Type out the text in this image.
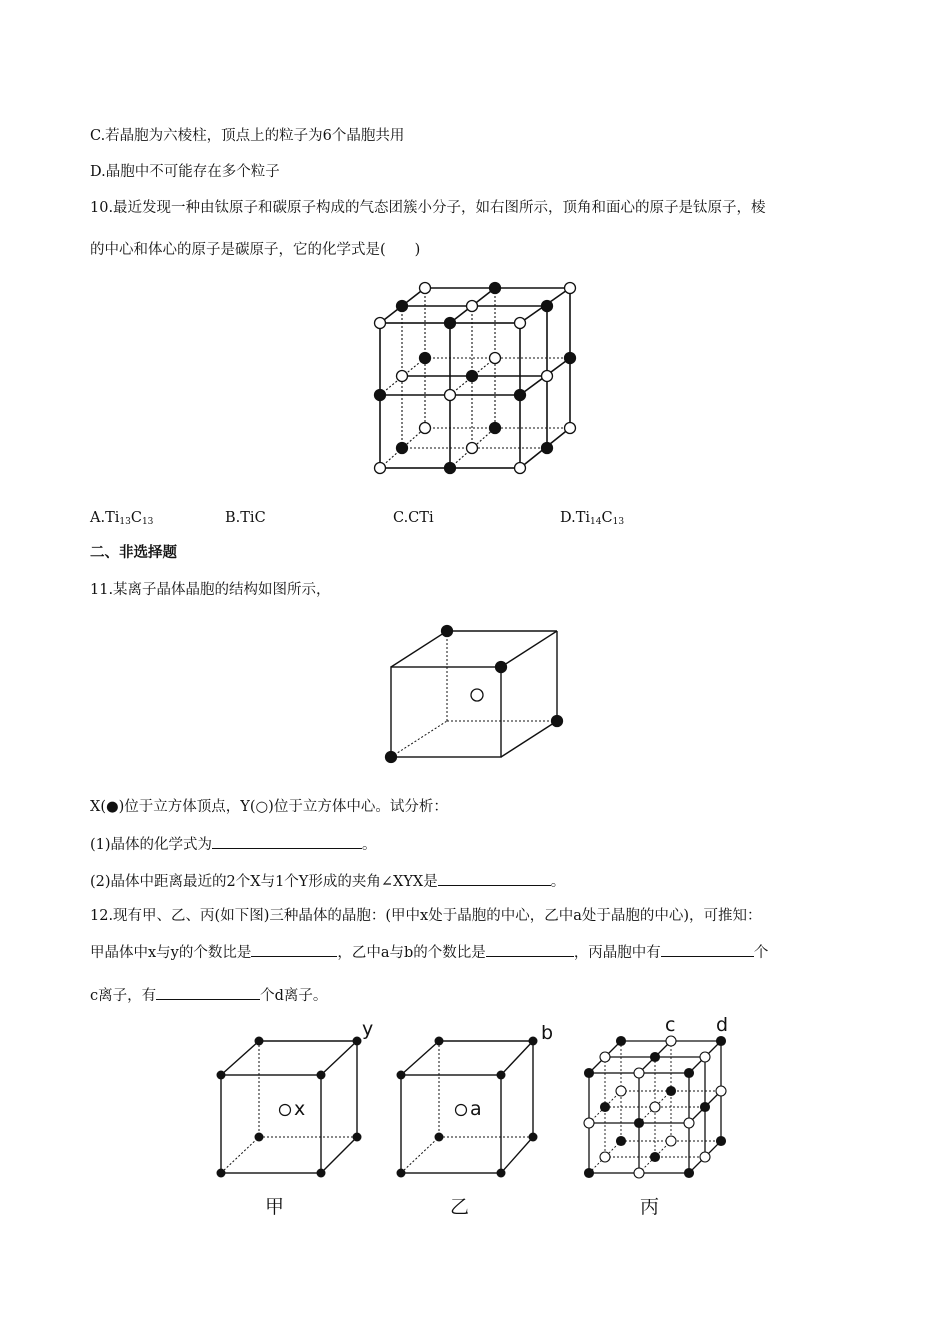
C.若晶胞为六棱柱，顶点上的粒子为6个晶胞共用
D.晶胞中不可能存在多个粒子
10.最近发现一种由钛原子和碳原子构成的气态团簇小分子，如右图所示，顶角和面心的原子是钛原子，棱
的中心和体心的原子是碳原子，它的化学式是(　　)
$A.Ti_{13}C_{13}$	B.TiC	C.CTi	$D.Ti_{14}C_{13}$
二、非选择题
11.某离子晶体晶胞的结构如图所示，
X(●)位于立方体顶点，Y(○)位于立方体中心。试分析：
(1)晶体的化学式为	。
(2)晶体中距离最近的2个X与1个Y形成的夹角∠XYX是	。
12.现有甲、乙、丙(如下图)三种晶体的晶胞：(甲中x处于晶胞的中心，乙中a处于晶胞的中心)，可推知：
甲晶体中x与y的个数比是	，乙中a与b的个数比是	，丙晶胞中有	个
c离子，有	个d离子。
x
y
甲
a
b
乙
c d
丙
